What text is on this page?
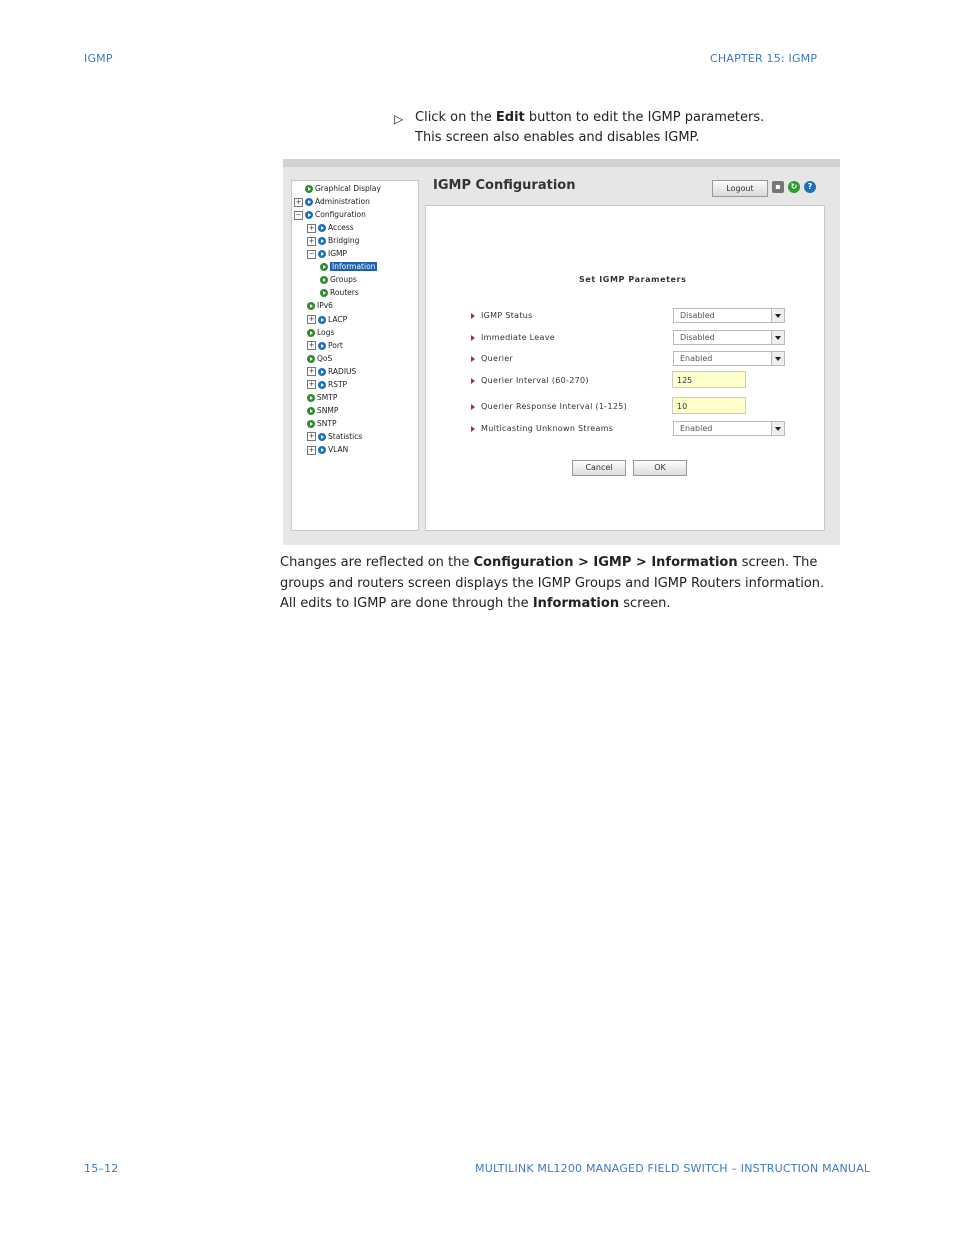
IGMP	CHAPTER 15: IGMP
▷ Click on the Edit button to edit the IGMP parameters.
This screen also enables and disables IGMP.
Graphical Display
+ Administration
− Configuration
+ Access
+ Bridging
− IGMP
Information
Groups
Routers
IPv6
+ LACP
Logs
+ Port
QoS
+ RADIUS
+ RSTP
SMTP
SNMP
SNTP
+ Statistics
+ VLAN
IGMP Configuration	Logout	▪	↻	?
Set IGMP Parameters
IGMP Status	Disabled
Immediate Leave	Disabled
Querier	Enabled
Querier Interval (60-270)	125
Querier Response Interval (1-125)	10
Multicasting Unknown Streams	Enabled
Cancel	OK
Changes are reflected on the Configuration > IGMP > Information screen. The groups and routers screen displays the IGMP Groups and IGMP Routers information. All edits to IGMP are done through the Information screen.
15–12	MULTILINK ML1200 MANAGED FIELD SWITCH – INSTRUCTION MANUAL
